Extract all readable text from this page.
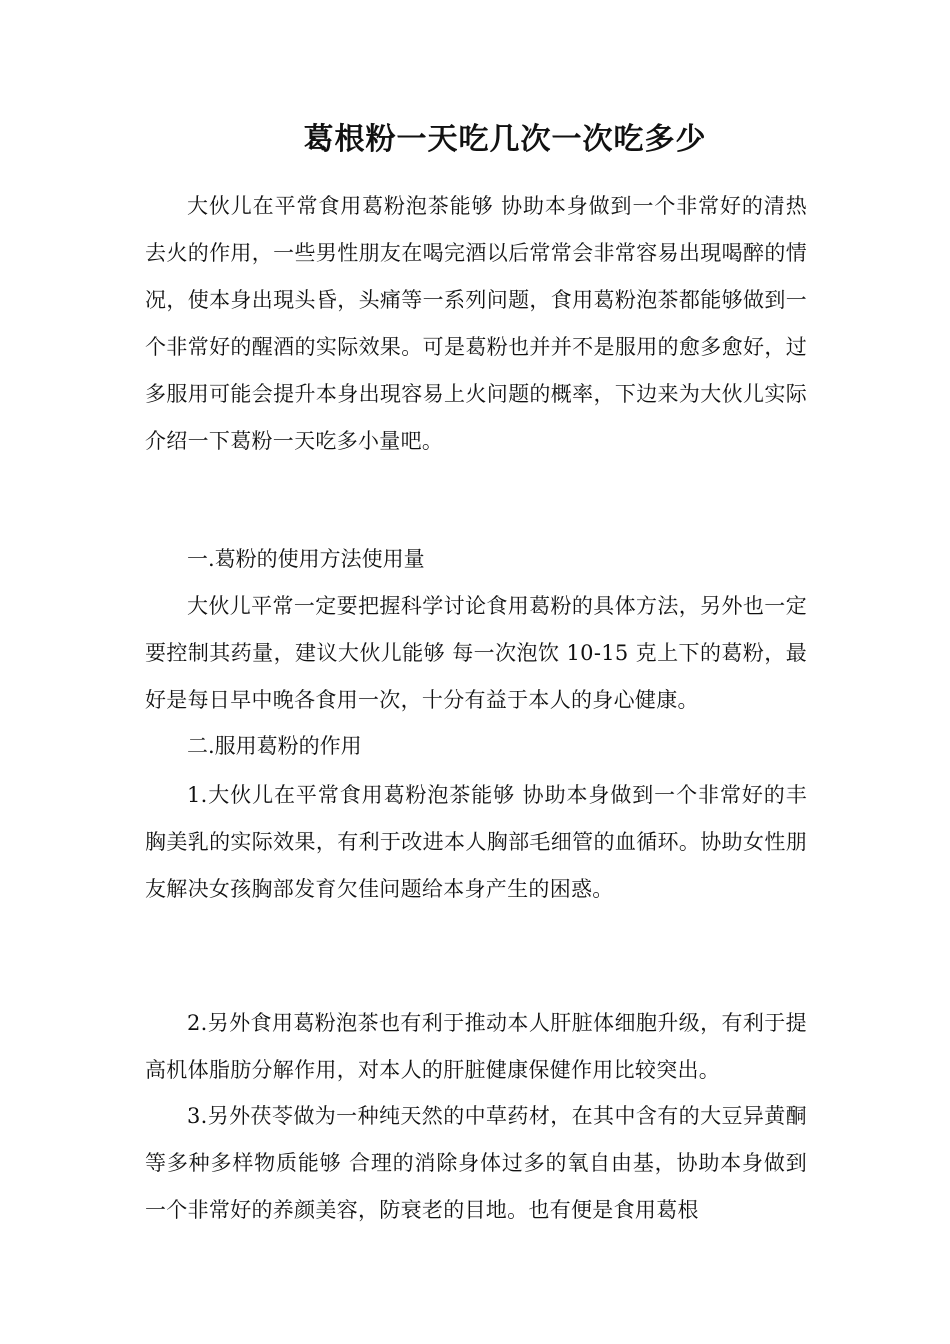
葛根粉一天吃几次一次吃多少

大伙儿在平常食用葛粉泡茶能够 协助本身做到一个非常好的清热去火的作用，一些男性朋友在喝完酒以后常常会非常容易出現喝醉的情况，使本身出現头昏，头痛等一系列问题，食用葛粉泡茶都能够做到一个非常好的醒酒的实际效果。可是葛粉也并并不是服用的愈多愈好，过多服用可能会提升本身出現容易上火问题的概率，下边来为大伙儿实际介绍一下葛粉一天吃多小量吧。

一.葛粉的使用方法使用量

大伙儿平常一定要把握科学讨论食用葛粉的具体方法，另外也一定要控制其药量，建议大伙儿能够 每一次泡饮 10-15 克上下的葛粉，最好是每日早中晚各食用一次，十分有益于本人的身心健康。

二.服用葛粉的作用

1.大伙儿在平常食用葛粉泡茶能够 协助本身做到一个非常好的丰胸美乳的实际效果，有利于改进本人胸部毛细管的血循环。协助女性朋友解决女孩胸部发育欠佳问题给本身产生的困惑。

2.另外食用葛粉泡茶也有利于推动本人肝脏体细胞升级，有利于提高机体脂肪分解作用，对本人的肝脏健康保健作用比较突出。

3.另外茯苓做为一种纯天然的中草药材，在其中含有的大豆异黄酮等多种多样物质能够 合理的消除身体过多的氧自由基，协助本身做到一个非常好的养颜美容，防衰老的目地。也有便是食用葛根
